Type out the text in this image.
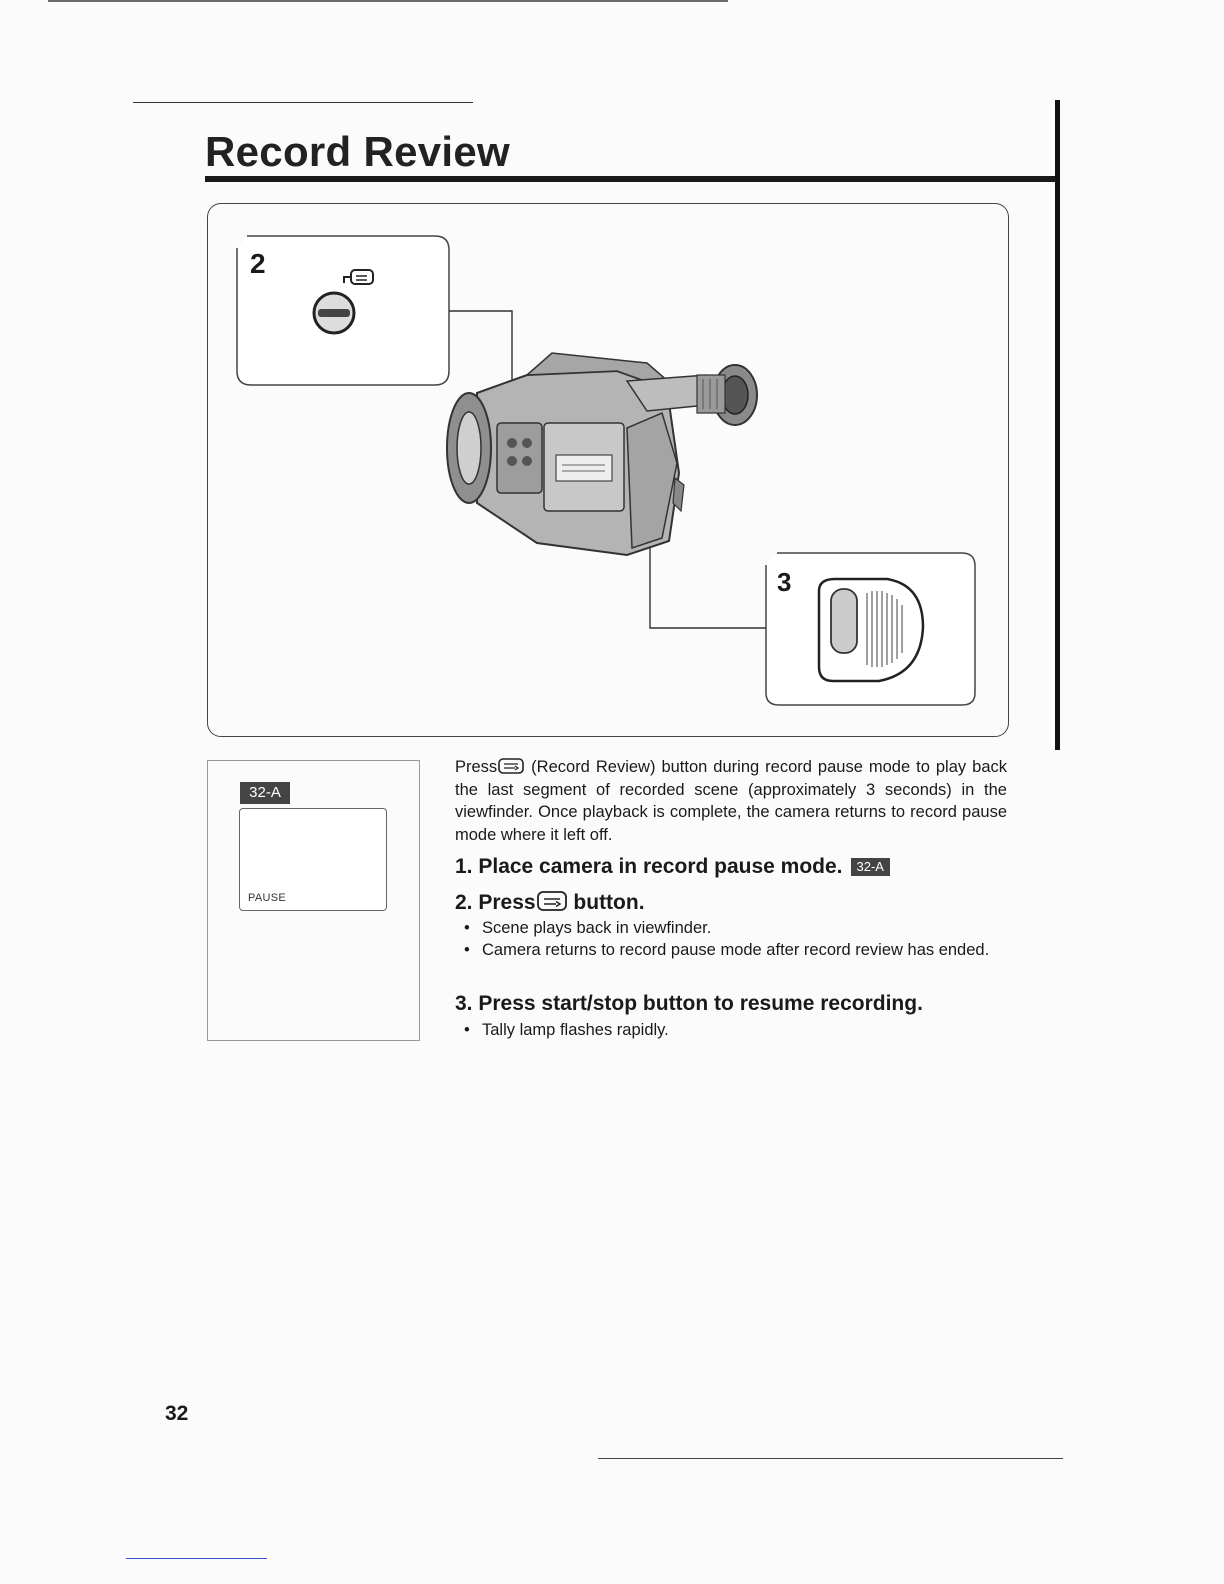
Record Review
2
3
32-A
PAUSE

Press (Record Review) button during record pause mode to play back the last segment of recorded scene (approximately 3 seconds) in the viewfinder. Once playback is complete, the camera returns to record pause mode where it left off.

1. Place camera in record pause mode. 32-A

2. Press button.

• Scene plays back in viewfinder.

• Camera returns to record pause mode after record review has ended.

3. Press start/stop button to resume recording.

• Tally lamp flashes rapidly.

32
